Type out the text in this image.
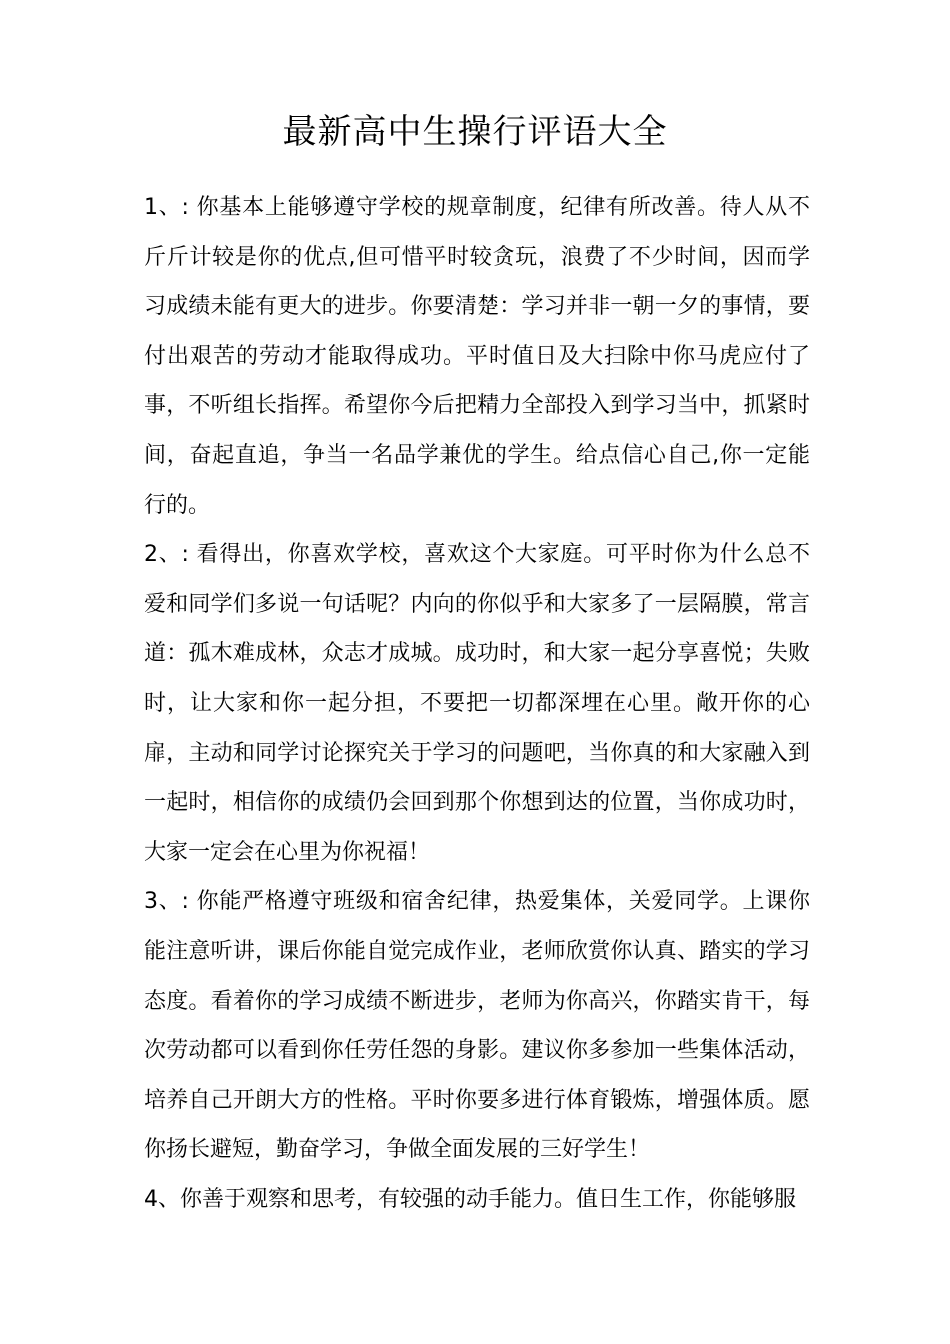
最新高中生操行评语大全

1、: 你基本上能够遵守学校的规章制度，纪律有所改善。待人从不斤斤计较是你的优点,但可惜平时较贪玩，浪费了不少时间，因而学习成绩未能有更大的进步。你要清楚：学习并非一朝一夕的事情，要付出艰苦的劳动才能取得成功。平时值日及大扫除中你马虎应付了事，不听组长指挥。希望你今后把精力全部投入到学习当中，抓紧时间，奋起直追，争当一名品学兼优的学生。给点信心自己,你一定能行的。

2、: 看得出，你喜欢学校，喜欢这个大家庭。可平时你为什么总不爱和同学们多说一句话呢？内向的你似乎和大家多了一层隔膜，常言道：孤木难成林，众志才成城。成功时，和大家一起分享喜悦；失败时，让大家和你一起分担，不要把一切都深埋在心里。敞开你的心扉，主动和同学讨论探究关于学习的问题吧，当你真的和大家融入到一起时，相信你的成绩仍会回到那个你想到达的位置，当你成功时，大家一定会在心里为你祝福！

3、: 你能严格遵守班级和宿舍纪律，热爱集体，关爱同学。上课你能注意听讲，课后你能自觉完成作业，老师欣赏你认真、踏实的学习态度。看着你的学习成绩不断进步，老师为你高兴，你踏实肯干，每次劳动都可以看到你任劳任怨的身影。建议你多参加一些集体活动，培养自己开朗大方的性格。平时你要多进行体育锻炼，增强体质。愿你扬长避短，勤奋学习，争做全面发展的三好学生！

4、你善于观察和思考，有较强的动手能力。值日生工作，你能够服
